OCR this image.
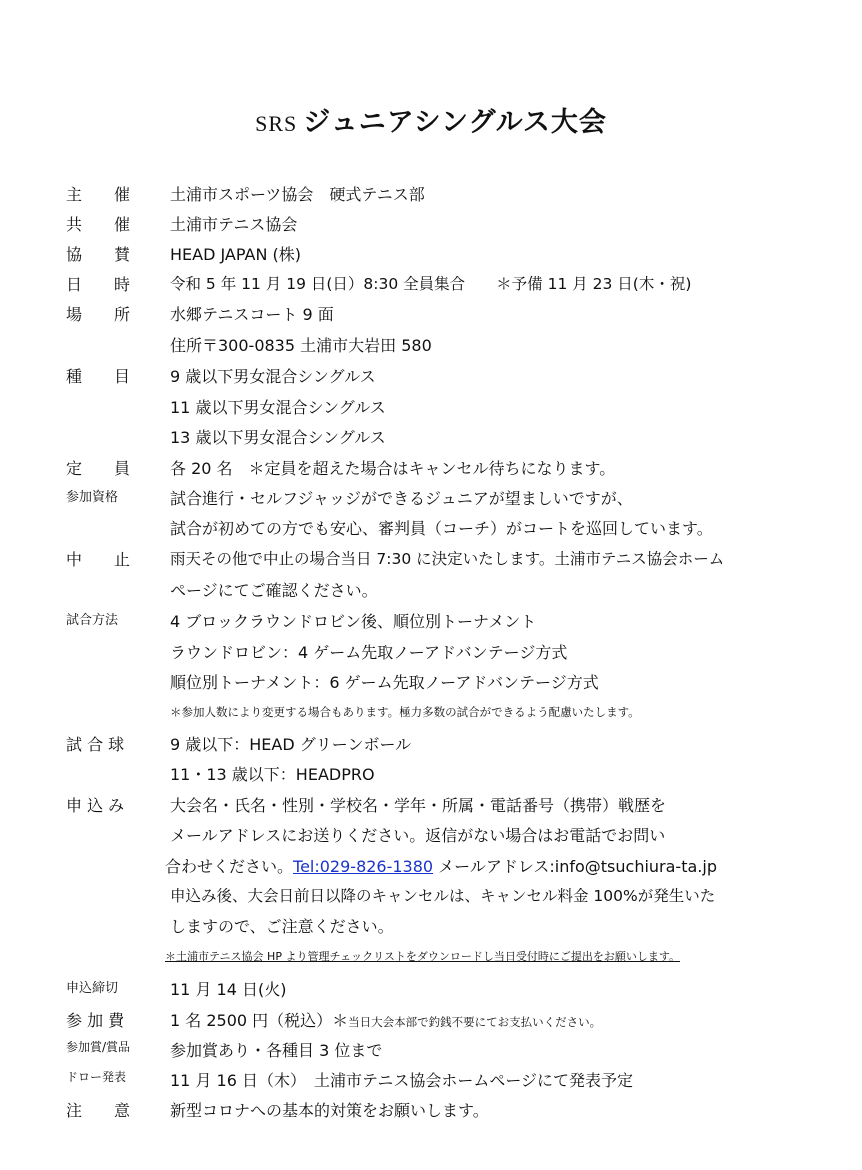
SRS ジュニアシングルス大会
主　催	土浦市スポーツ協会　硬式テニス部
共　催	土浦市テニス協会
協　賛	HEAD JAPAN (株)
日　時	令和 5 年 11 月 19 日(日）8:30 全員集合　　＊予備 11 月 23 日(木・祝)
場　所	水郷テニスコート 9 面
住所〒300-0835 土浦市大岩田 580
種　目	9 歳以下男女混合シングルス
11 歳以下男女混合シングルス
13 歳以下男女混合シングルス
定　員	各 20 名　＊定員を超えた場合はキャンセル待ちになります。
参加資格	試合進行・セルフジャッジができるジュニアが望ましいですが、
試合が初めての方でも安心、審判員（コーチ）がコートを巡回しています。
中　止	雨天その他で中止の場合当日 7:30 に決定いたします。土浦市テニス協会ホーム
ページにてご確認ください。
試合方法	4 ブロックラウンドロビン後、順位別トーナメント
ラウンドロビン：4 ゲーム先取ノーアドバンテージ方式
順位別トーナメント：6 ゲーム先取ノーアドバンテージ方式
＊参加人数により変更する場合もあります。極力多数の試合ができるよう配慮いたします。
試 合 球	9 歳以下：HEAD グリーンボール
11・13 歳以下：HEADPRO
申 込 み	大会名・氏名・性別・学校名・学年・所属・電話番号（携帯）戦歴を
メールアドレスにお送りください。返信がない場合はお電話でお問い
合わせください。Tel:029-826-1380 メールアドレス:info@tsuchiura-ta.jp
申込み後、大会日前日以降のキャンセルは、キャンセル料金 100%が発生いた
しますので、ご注意ください。
＊土浦市テニス協会 HP より管理チェックリストをダウンロードし当日受付時にご提出をお願いします。
申込締切	11 月 14 日(火)
参 加 費	1 名 2500 円（税込）＊当日大会本部で釣銭不要にてお支払いください。
参加賞/賞品	参加賞あり・各種目 3 位まで
ドロー発表	11 月 16 日（木）　土浦市テニス協会ホームページにて発表予定
注　意	新型コロナへの基本的対策をお願いします。
